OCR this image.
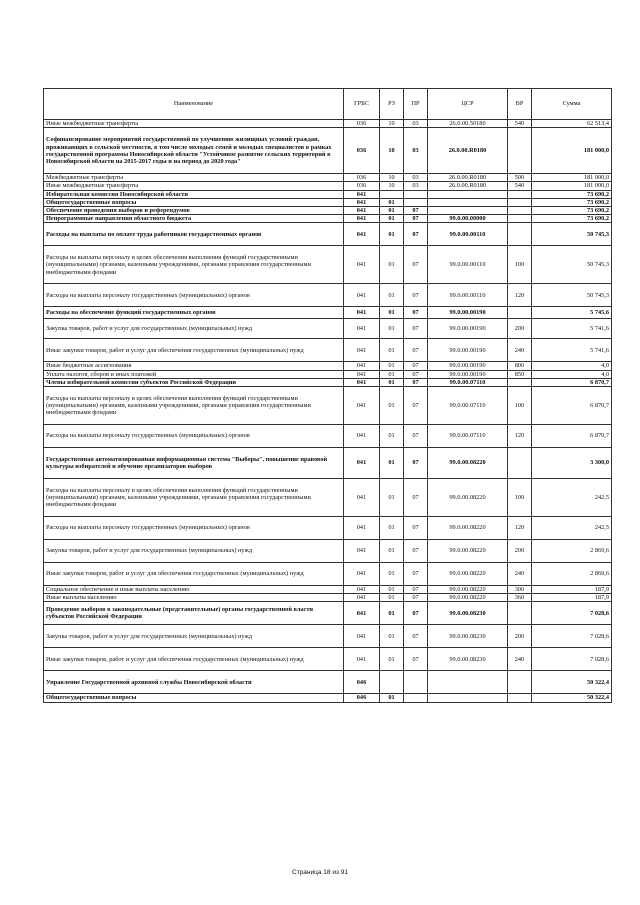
Наименование	ГРБС	РЗ	ПР	ЦСР	ВР	Сумма
Иные межбюджетные трансферты	036	10	03	26.0.00.50180	540	62 513,4
Софинансирование мероприятий государственной по улучшению жилищных условий граждан, проживающих в сельской местности, в том числе молодых семей и молодых специалистов в рамках государственной программы Новосибирской области "Устойчивое развитие сельских территорий в Новосибирской области на 2015-2017 годы и на период до 2020 года"	036	10	03	26.0.00.R0180		181 000,0
Межбюджетные трансферты	036	10	03	26.0.00.R0180	500	181 000,0
Иные межбюджетные трансферты	036	10	03	26.0.00.R0180	540	181 000,0
Избирательная комиссия Новосибирской области	041					73 690,2
Общегосударственные вопросы	041	01				73 690,2
Обеспечение проведения выборов и референдумов	041	01	07			73 690,2
Непрограммные направления областного бюджета	041	01	07	99.0.00.00000		73 690,2
Расходы на выплаты по оплате труда работников государственных органов	041	01	07	99.0.00.00110		50 745,3
Расходы на выплаты персоналу в целях обеспечения выполнения функций государственными (муниципальными) органами, казенными учреждениями, органами управления государственными внебюджетными фондами	041	01	07	99.0.00.00110	100	50 745,3
Расходы на выплаты персоналу государственных (муниципальных) органов	041	01	07	99.0.00.00110	120	50 745,3
Расходы на обеспечение функций государственных органов	041	01	07	99.0.00.00190		5 745,6
Закупка товаров, работ и услуг для государственных (муниципальных) нужд	041	01	07	99.0.00.00190	200	5 741,6
Иные закупки товаров, работ и услуг для обеспечения государственных (муниципальных) нужд	041	01	07	99.0.00.00190	240	5 741,6
Иные бюджетные ассигнования	041	01	07	99.0.00.00190	800	4,0
Уплата налогов, сборов и иных платежей	041	01	07	99.0.00.00190	850	4,0
Члены избирательной комиссии субъектов Российской Федерации	041	01	07	99.0.00.07110		6 870,7
Расходы на выплаты персоналу в целях обеспечения выполнения функций государственными (муниципальными) органами, казенными учреждениями, органами управления государственными внебюджетными фондами	041	01	07	99.0.00.07110	100	6 870,7
Расходы на выплаты персоналу государственных (муниципальных) органов	041	01	07	99.0.00.07110	120	6 870,7
Государственная автоматизированная информационная система "Выборы", повышение правовой культуры избирателей и обучение организаторов выборов	041	01	07	99.0.00.08220		3 300,0
Расходы на выплаты персоналу в целях обеспечения выполнения функций государственными (муниципальными) органами, казенными учреждениями, органами управления государственными внебюджетными фондами	041	01	07	99.0.00.08220	100	242,5
Расходы на выплаты персоналу государственных (муниципальных) органов	041	01	07	99.0.00.08220	120	242,5
Закупка товаров, работ и услуг для государственных (муниципальных) нужд	041	01	07	99.0.00.08220	200	2 869,6
Иные закупки товаров, работ и услуг для обеспечения государственных (муниципальных) нужд	041	01	07	99.0.00.08220	240	2 869,6
Социальное обеспечение и иные выплаты населению	041	01	07	99.0.00.08220	300	187,9
Иные выплаты населению	041	01	07	99.0.00.08220	360	187,9
Проведение выборов в законодательные (представительные) органы государственной власти субъектов Российской Федерации	041	01	07	99.0.00.08230		7 028,6
Закупка товаров, работ и услуг для государственных (муниципальных) нужд	041	01	07	99.0.00.08230	200	7 028,6
Иные закупки товаров, работ и услуг для обеспечения государственных (муниципальных) нужд	041	01	07	99.0.00.08230	240	7 028,6
Управление Государственной архивной службы Новосибирской области	046					50 322,4
Общегосударственные вопросы	046	01				50 322,4
Страница 18 из 91
